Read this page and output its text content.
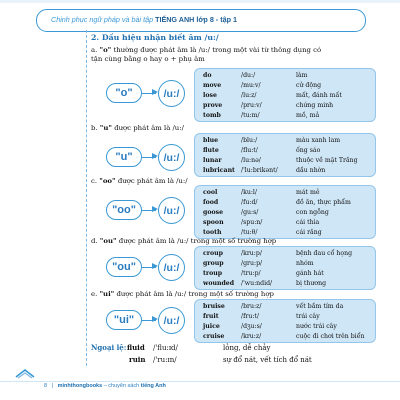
Chinh phục ngữ pháp và bài tập TIẾNG ANH lớp 8 - tập 1
2. Dấu hiệu nhận biết âm /u:/
a. "o" thường được phát âm là /u:/ trong một vài từ thông dụng có
tận cùng bằng o hay o + phụ âm
"o"	/u:/
do	/du:/	làm
move	/mu:v/	cử động
lose	/lu:z/	mất, đánh mất
prove	/pru:v/	chứng minh
tomb	/tu:m/	mồ, mả
b. "u" được phát âm là /u:/
"u"	/u:/
blue	/blu:/	màu xanh lam
flute	/flu:t/	ống sáo
lunar	/lu:nə/	thuộc về mặt Trăng
lubricant /'lu:brikənt/	dầu nhờn
c. "oo" được phát âm là /u:/
"oo"	/u:/
cool	/ku:l/	mát mẻ
food	/fu:d/	đồ ăn, thực phẩm
goose	/gu:s/	con ngỗng
spoon	/spu:n/	cái thìa
tooth	/tu:θ/	cái răng
d. "ou" được phát âm là /u:/ trong một số trường hợp
"ou"	/u:/
croup	/kru:p/	bệnh đau cổ họng
group	/gru:p/	nhóm
troup	/tru:p/	gánh hát
wounded /'wu:ndid/	bị thương
e. "ui" được phát âm là /u:/ trong một số trường hợp
"ui"	/u:/
bruise	/bru:z/	vết bầm tím da
fruit	/fru:t/	trái cây
juice	/dʒu:s/	nước trái cây
cruise	/kru:z/	cuộc đi chơi trên biển
Ngoại lệ: fluid /'flu:ɪd/	lỏng, dễ chảy
ruin /'ru:ɪn/	sự đổ nát, vết tích đổ nát
8 | minhthongbooks – chuyên sách tiếng Anh
